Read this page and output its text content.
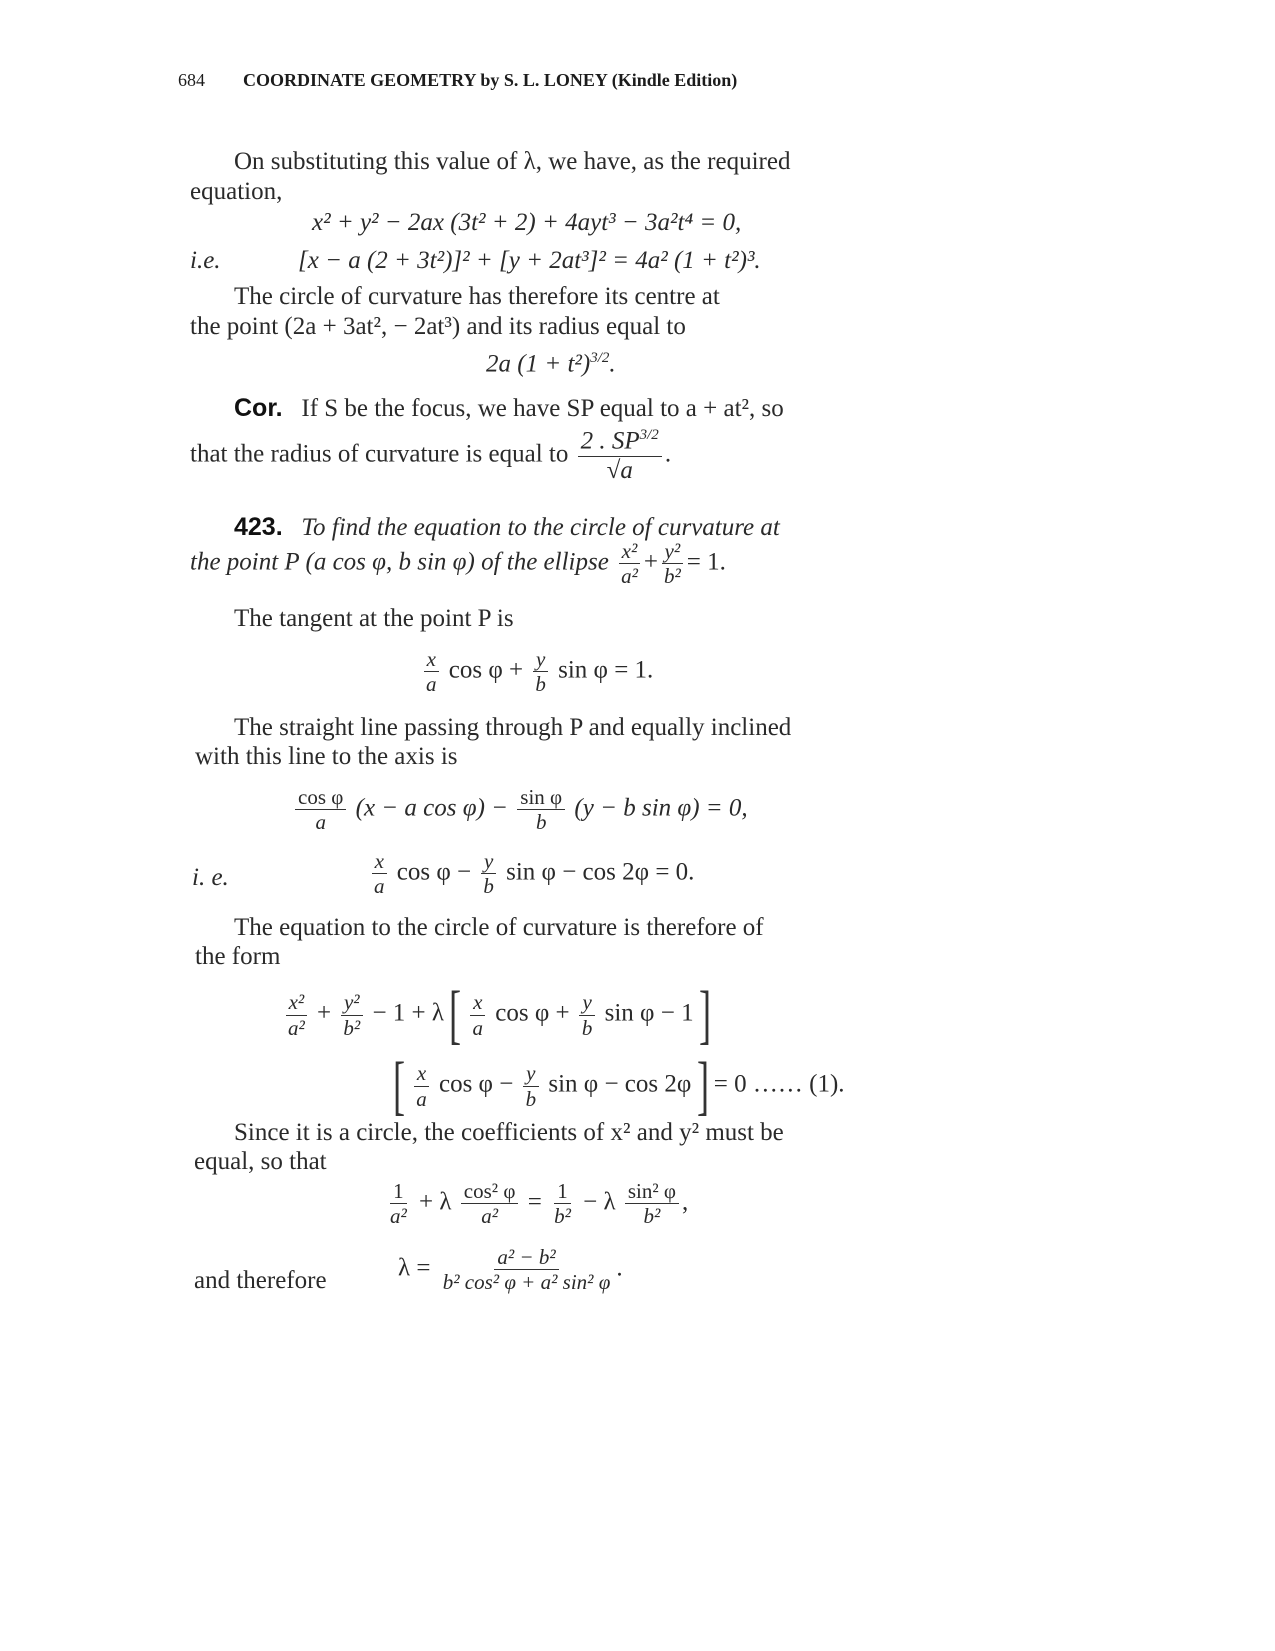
684 COORDINATE GEOMETRY by S. L. LONEY (Kindle Edition)
On substituting this value of λ, we have, as the required
equation,
x² + y² − 2ax (3t² + 2) + 4ayt³ − 3a²t⁴ = 0,
i.e.	[x − a (2 + 3t²)]² + [y + 2at³]² = 4a² (1 + t²)³.
The circle of curvature has therefore its centre at
the point (2a + 3at², − 2at³) and its radius equal to
2a $(1 + t^2)^{3/2}$.
Cor. If S be the focus, we have SP equal to a + at², so
that the radius of curvature is equal to $\frac{2 . SP^{3/2}}{√a}$ .
423. To find the equation to the circle of curvature at
the point P (a cos φ, b sin φ) of the ellipse $\frac{\text{x²}}{\text{a²}} + \frac{\text{y²}}{\text{b²}} = 1$.
The tangent at the point P is
$\frac{x}{a}$ $\cos \varphi + \frac{y}{b}$ sin φ = 1.
The straight line passing through P and equally inclined
with this line to the axis is
$\frac{\text{cos φ}}{a} (x - a$ $\cos \varphi) - \frac{\text{sin φ}}{b} (y - b$ sin φ) = 0,
i. e.	$\frac{x}{a}$ $\cos \varphi - \frac{y}{b}$ sin φ − cos 2φ = 0.
The equation to the circle of curvature is therefore of
the form
$\frac{\text{x²}}{\text{a²}} + \frac{\text{y²}}{\text{b²}} - 1 + \lambda$ [ $\frac{x}{a}$ $\cos \varphi + \frac{y}{b}$ sin φ − 1 ]
[ $\frac{x}{a}$ $\cos \varphi - \frac{y}{b}$ sin φ − cos 2φ ] = 0 …… (1).
Since it is a circle, the coefficients of x² and y² must be
equal, so that
$\frac{1}{\text{a²}} + \lambda \frac{\text{cos² φ}}{\text{a²}} = \frac{1}{\text{b²}} - \lambda \frac{\text{sin² φ}}{\text{b²}}$ ,
and therefore	$\lambda = \frac{\text{a² − b²}}{\text{b² cos² φ + a² sin² φ}}$ .
